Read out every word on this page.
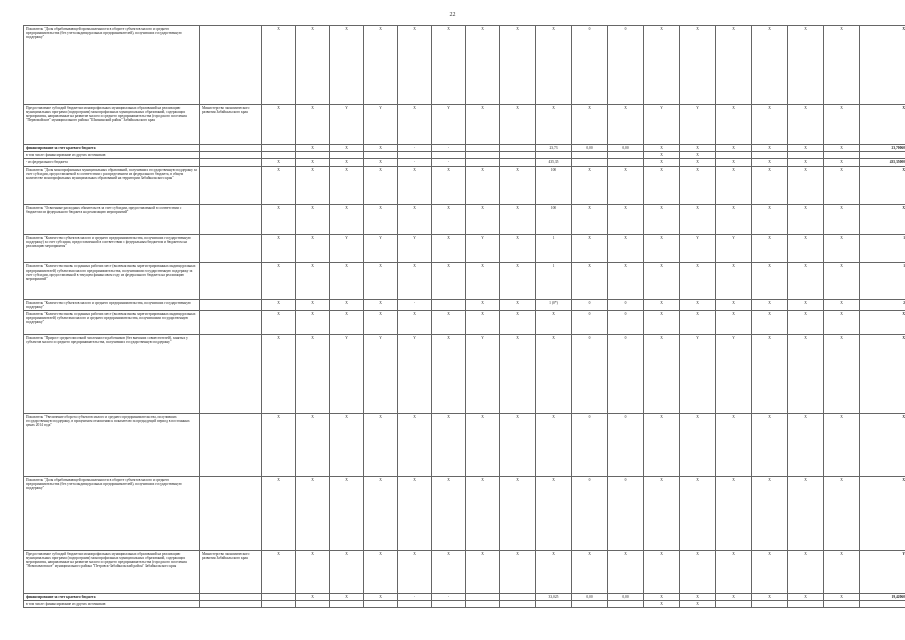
22
Показатель "Доля обрабатывающей промышленности в обороте субъектов малого и среднего предпринимательства (без учета индивидуальных предпринимателей), получивших государственную поддержку"		X	X	X	X	X	X	X	X	X	0	0	X	X	X	X	X	X	X
Предоставление субсидий бюджетам монопрофильных муниципальных образований на реализацию муниципальных программ (подпрограмм) монопрофильных муниципальных образований, содержащих мероприятия, направленные на развитие малого и среднего предпринимательства (городского поселения "Первомайское" муниципального района "Шилкинский район" Забайкальского края	Министерство экономического развития Забайкальского края	X	X	Y	Y	X	Y	X	X	X	X	X	Y	Y	X	X	X	X	X
финансирование за счет краевого бюджета			X	X	X	-	-			23,73	0,00	0,00	X	X	X	X	X	X	23,70060
в том числе: финансирование из других источников:													X	X					
- из федерального бюджета		X	X	X	X	-	-			435,35			X	X	X	X	X	X	435,35000
Показатель "Доля монопрофильных муниципальных образований, получивших государственную поддержку за счет субсидии, предоставляемой в соответствии с распределением из федерального бюджета, в общем количестве монопрофильных муниципальных образований на территории Забайкальского края"		X	X	X	X	X	X	X	X	100	X	X	X	X	X	X	X	X	X
Показатель "Освоенные расходных обязательств за счет субсидии, предоставленной в соответствии с бюджетом из федерального бюджета на реализацию мероприятий"		X	X	X	X	X	X	X	X	100	X	X	X	X	X	X	X	X	X
Показатель "Количество субъектов малого и среднего предпринимательства, получивших государственную поддержку) за счет субсидии, предоставленной в соответствии с федеральным бюджетом и бюджетом на реализацию мероприятия"		X	X	Y	Y	Y	X	Y	X	1	X	X	X	Y	Y	X	X	X	1
Показатель "Количество вновь созданных рабочих мест (включая вновь зарегистрированных индивидуальных предпринимателей) субъектами малого предпринимательства, получившими государственную поддержку за счет субсидии, предоставленной в текущем финансовом году из федерального бюджета на реализацию мероприятий"		X	X	X	X	X	X	X	X	1	X	X	X	X	X	X	X	X	1
Показатель "Количество субъектов малого и среднего предпринимательства, получивших государственную поддержку"		X	X	X	X	-		X	X	1 (0*)	0	0	X	X	X	X	X	X	2
Показатель "Количество вновь созданных рабочих мест (включая вновь зарегистрированных индивидуальных предпринимателей) субъектами малого и среднего предпринимательства, получившими государственную поддержку"		X	X	X	X	X	X	X	X	X	0	0	X	X	X	X	X	X	X
Показатель "Прирост среднесписочной численности работников (без внешних совместителей), занятых у субъектов малого и среднего предпринимательства, получивших государственную поддержку"		X	X	Y	Y	Y	X	Y	X	X	0	0	X	Y	Y	X	X	X	X
Показатель "Увеличение оборота субъектов малого и среднего предпринимательства, получивших государственную поддержку, в процентном отношении к показателю за предыдущий период в постоянных ценах 2014 года"		X	X	X	X	X	X	X	X	X	0	0	X	X	X	X	X	X	X
Показатель "Доля обрабатывающей промышленности в обороте субъектов малого и среднего предпринимательства (без учета индивидуальных предпринимателей), получивших государственную поддержку"		X	X	X	X	X	X	X	X	X	0	0	X	X	X	X	X	X	X
Предоставление субсидий бюджетам монопрофильных муниципальных образований на реализацию муниципальных программ (подпрограмм) монопрофильных муниципальных образований, содержащих мероприятия, направленные на развитие малого и среднего предпринимательства (городского поселения "Новопавловское" муниципального района "Петровск-Забайкальский район" Забайкальского края	Министерство экономического развития Забайкальского края	X	X	X	X	X	X	X	X	X	X	X	X	X	X	X	X	X	Y
финансирование за счет краевого бюджета			X	X	X	-	-			33,025	0,00	0,00	X	X	X	X	X	X	19,42060
в том числе: финансирование из других источников:													X	X					
